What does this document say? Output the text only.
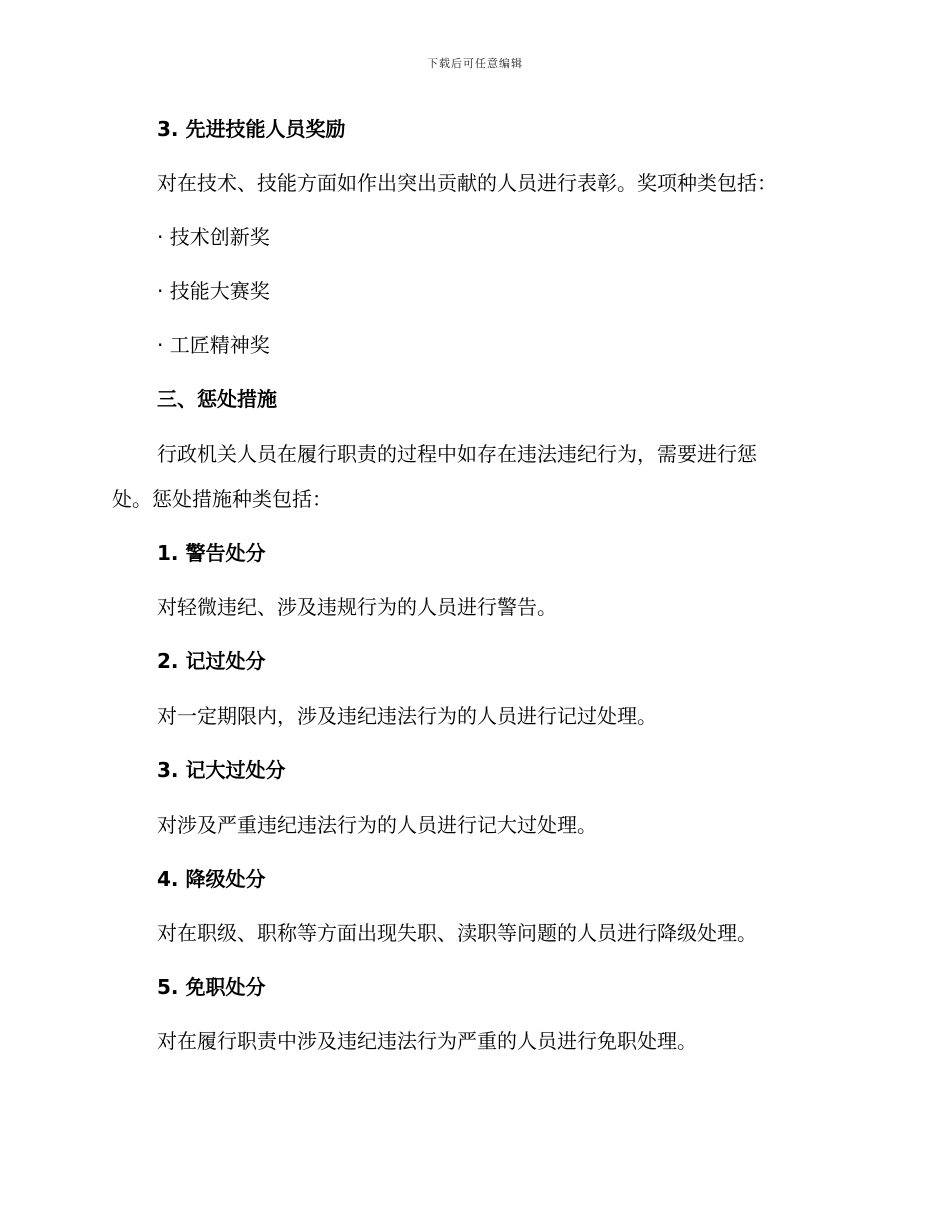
下载后可任意编辑
3. 先进技能人员奖励
对在技术、技能方面如作出突出贡献的人员进行表彰。奖项种类包括：
· 技术创新奖
· 技能大赛奖
· 工匠精神奖
三、惩处措施
行政机关人员在履行职责的过程中如存在违法违纪行为，需要进行惩
处。惩处措施种类包括：
1. 警告处分
对轻微违纪、涉及违规行为的人员进行警告。
2. 记过处分
对一定期限内，涉及违纪违法行为的人员进行记过处理。
3. 记大过处分
对涉及严重违纪违法行为的人员进行记大过处理。
4. 降级处分
对在职级、职称等方面出现失职、渎职等问题的人员进行降级处理。
5. 免职处分
对在履行职责中涉及违纪违法行为严重的人员进行免职处理。
